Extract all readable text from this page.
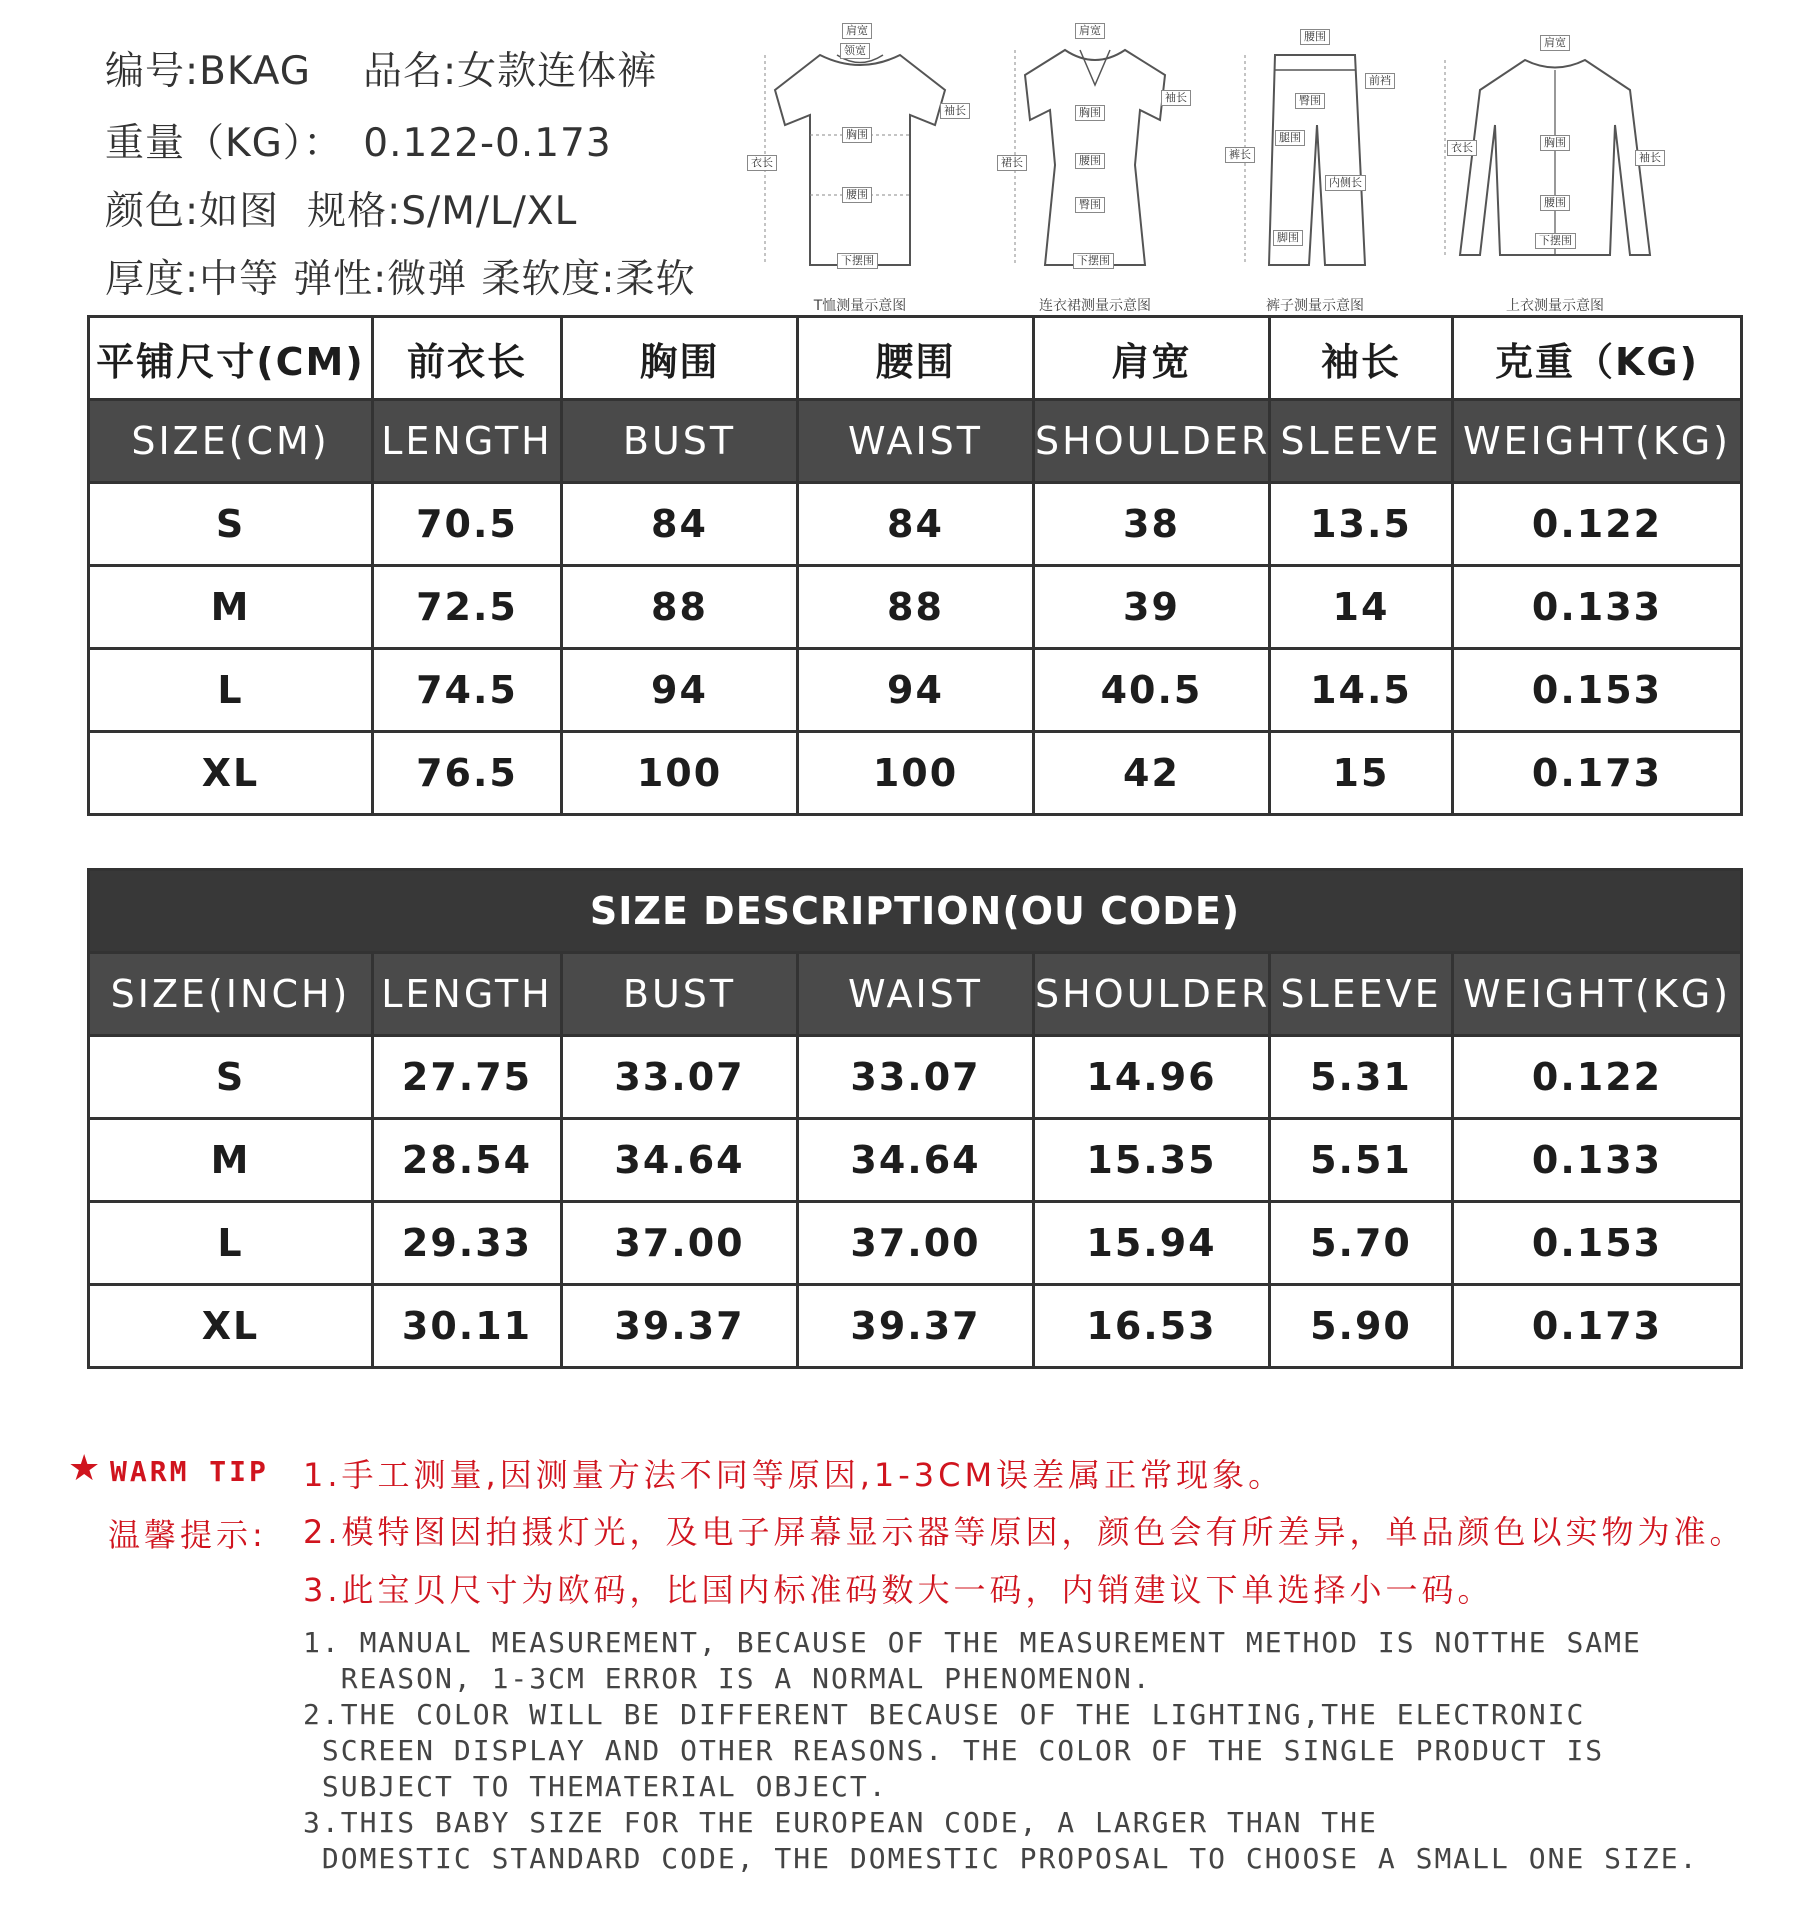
编号:BKAG 品名:女款连体裤
重量（KG）： 0.122-0.173
颜色:如图 规格:S/M/L/XL
厚度:中等 弹性:微弹 柔软度:柔软
肩宽
领宽
胸围
腰围
衣长
袖长
下摆围
T恤测量示意图
肩宽
袖长
胸围
腰围
臀围
裙长
下摆围
连衣裙测量示意图
腰围
前裆
臀围
腿围
裤长
内侧长
脚围
裤子测量示意图
肩宽
胸围
腰围
衣长
袖长
下摆围
上衣测量示意图
平铺尺寸(CM)	前衣长	胸围	腰围	肩宽	袖长	克重（KG)
SIZE(CM)	LENGTH	BUST	WAIST	SHOULDER	SLEEVE	WEIGHT(KG)
S	70.5	84	84	38	13.5	0.122
M	72.5	88	88	39	14	0.133
L	74.5	94	94	40.5	14.5	0.153
XL	76.5	100	100	42	15	0.173
SIZE DESCRIPTION(OU CODE)						
SIZE(INCH)	LENGTH	BUST	WAIST	SHOULDER	SLEEVE	WEIGHT(KG)
S	27.75	33.07	33.07	14.96	5.31	0.122
M	28.54	34.64	34.64	15.35	5.51	0.133
L	29.33	37.00	37.00	15.94	5.70	0.153
XL	30.11	39.37	39.37	16.53	5.90	0.173
★ WARM TIP
温馨提示:
1.手工测量,因测量方法不同等原因,1-3CM误差属正常现象。
2.模特图因拍摄灯光，及电子屏幕显示器等原因，颜色会有所差异，单品颜色以实物为准。
3.此宝贝尺寸为欧码，比国内标准码数大一码，内销建议下单选择小一码。
1. MANUAL MEASUREMENT, BECAUSE OF THE MEASUREMENT METHOD IS NOTTHE SAME
REASON, 1-3CM ERROR IS A NORMAL PHENOMENON.
2.THE COLOR WILL BE DIFFERENT BECAUSE OF THE LIGHTING,THE ELECTRONIC
SCREEN DISPLAY AND OTHER REASONS. THE COLOR OF THE SINGLE PRODUCT IS
SUBJECT TO THEMATERIAL OBJECT.
3.THIS BABY SIZE FOR THE EUROPEAN CODE, A LARGER THAN THE
DOMESTIC STANDARD CODE, THE DOMESTIC PROPOSAL TO CHOOSE A SMALL ONE SIZE.
